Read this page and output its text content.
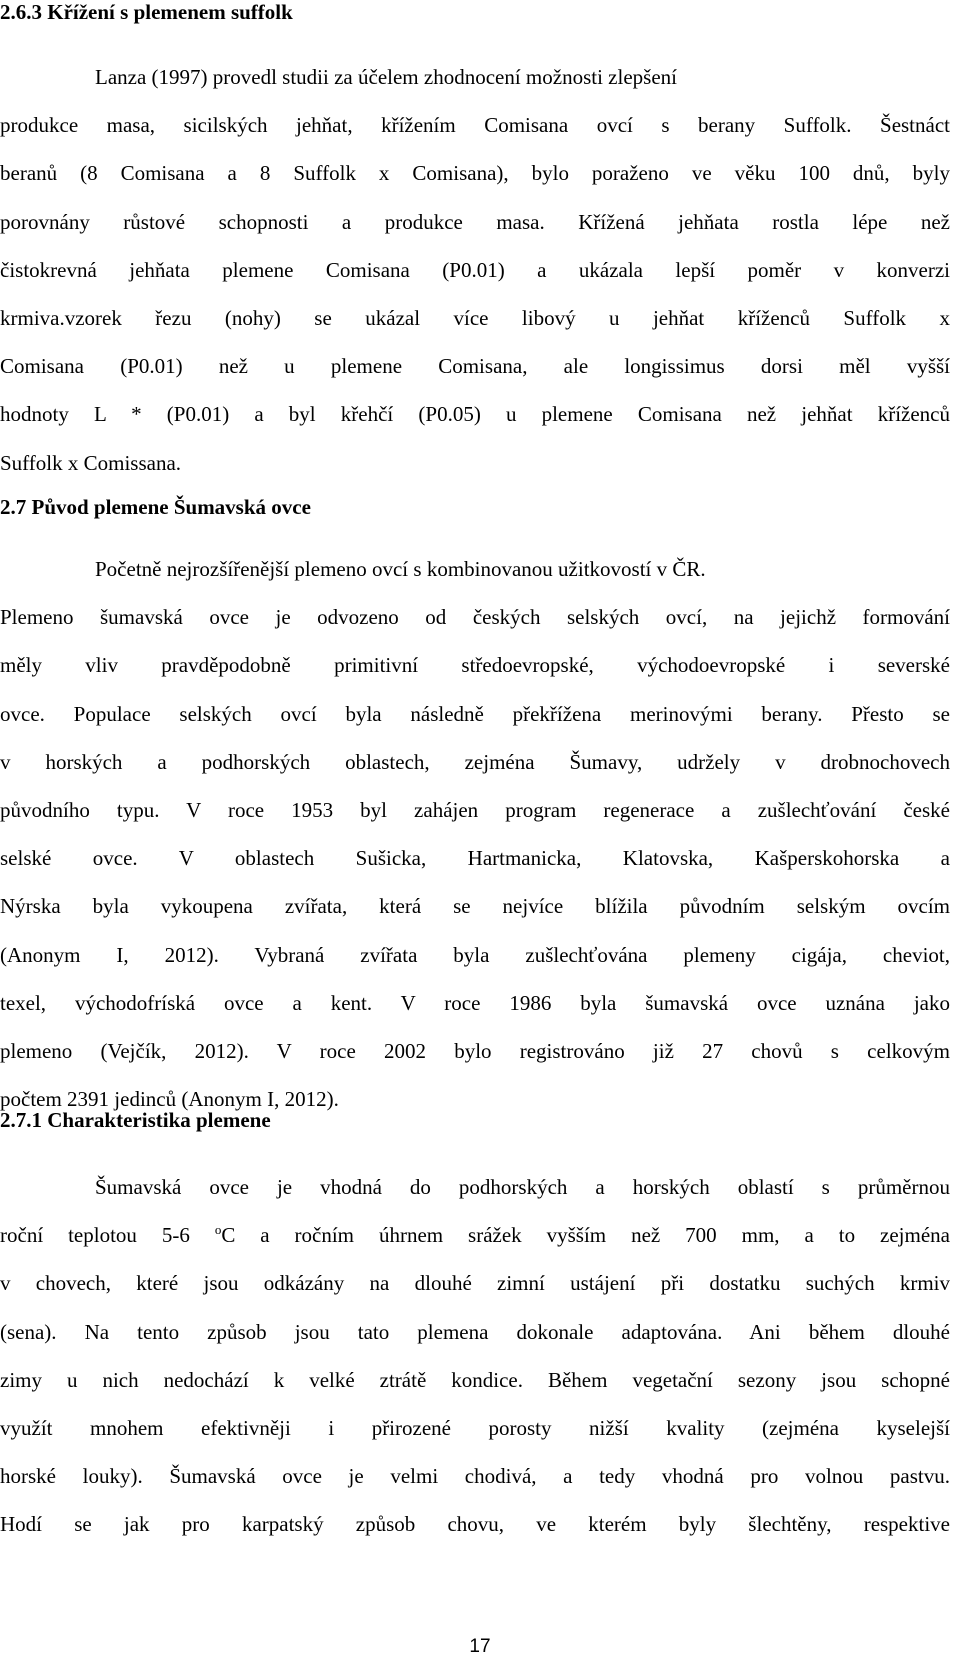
2.6.3 Křížení s plemenem suffolk
Lanza (1997) provedl studii za účelem zhodnocení možnosti zlepšení
produkce masa, sicilských jehňat, křížením Comisana ovcí s berany Suffolk. Šestnáct
beranů (8 Comisana a 8 Suffolk x Comisana), bylo poraženo ve věku 100 dnů, byly
porovnány růstové schopnosti a produkce masa. Křížená jehňata rostla lépe než
čistokrevná jehňata plemene Comisana (P0.01) a ukázala lepší poměr v konverzi
krmiva.vzorek řezu (nohy) se ukázal více libový u jehňat kříženců Suffolk x
Comisana (P0.01) než u plemene Comisana, ale longissimus dorsi měl vyšší
hodnoty L * (P0.01) a byl křehčí (P0.05) u plemene Comisana než jehňat kříženců
Suffolk x Comissana.
2.7 Původ plemene Šumavská ovce
Početně nejrozšířenější plemeno ovcí s kombinovanou užitkovostí v ČR.
Plemeno šumavská ovce je odvozeno od českých selských ovcí, na jejichž formování
měly vliv pravděpodobně primitivní středoevropské, východoevropské i severské
ovce. Populace selských ovcí byla následně překřížena merinovými berany. Přesto se
v horských a podhorských oblastech, zejména Šumavy, udržely v drobnochovech
původního typu. V roce 1953 byl zahájen program regenerace a zušlechťování české
selské ovce. V oblastech Sušicka, Hartmanicka, Klatovska, Kašperskohorska a
Nýrska byla vykoupena zvířata, která se nejvíce blížila původním selským ovcím
(Anonym I, 2012). Vybraná zvířata byla zušlechťována plemeny cigája, cheviot,
texel, východofríská ovce a kent. V roce 1986 byla šumavská ovce uznána jako
plemeno (Vejčík, 2012). V roce 2002 bylo registrováno již 27 chovů s celkovým
počtem 2391 jedinců (Anonym I, 2012).
2.7.1 Charakteristika plemene
Šumavská ovce je vhodná do podhorských a horských oblastí s průměrnou
roční teplotou 5-6 $^o$C a ročním úhrnem srážek vyšším než 700 mm, a to zejména
v chovech, které jsou odkázány na dlouhé zimní ustájení při dostatku suchých krmiv
(sena). Na tento způsob jsou tato plemena dokonale adaptována. Ani během dlouhé
zimy u nich nedochází k velké ztrátě kondice. Během vegetační sezony jsou schopné
využít mnohem efektivněji i přirozené porosty nižší kvality (zejména kyselejší
horské louky). Šumavská ovce je velmi chodivá, a tedy vhodná pro volnou pastvu.
Hodí se jak pro karpatský způsob chovu, ve kterém byly šlechtěny, respektive
17
